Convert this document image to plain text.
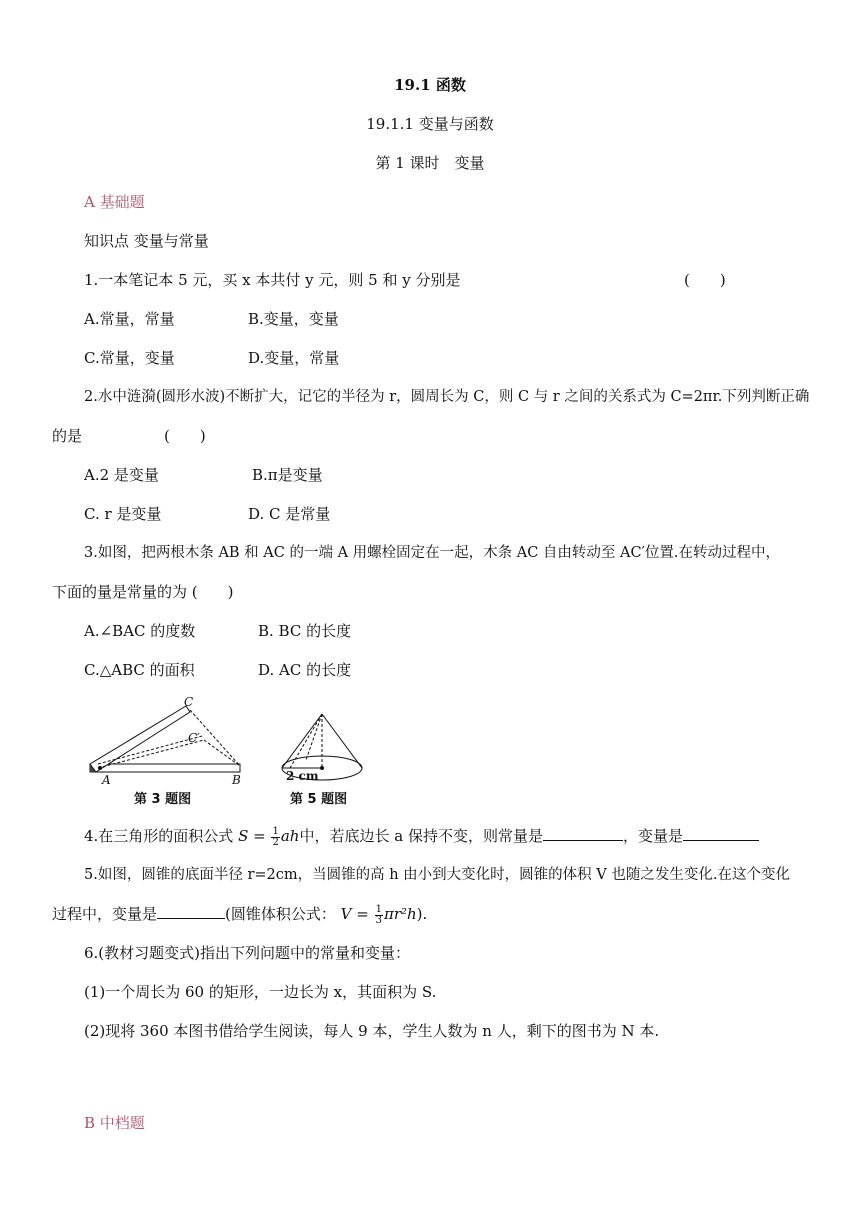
19.1 函数
19.1.1 变量与函数
第 1 课时　变量
A 基础题
知识点 变量与常量
1.一本笔记本 5 元，买 x 本共付 y 元，则 5 和 y 分别是	(　　)
A.常量，常量	B.变量，变量
C.常量，变量	D.变量，常量
2.水中涟漪(圆形水波)不断扩大，记它的半径为 r，圆周长为 C，则 C 与 r 之间的关系式为 C=2πr.下列判断正确
的是	(　　)
A.2 是变量	B.π是变量
C. r 是变量	D. C 是常量
3.如图，把两根木条 AB 和 AC 的一端 A 用螺栓固定在一起，木条 AC 自由转动至 AC′位置.在转动过程中，
下面的量是常量的为 (　　)
A.∠BAC 的度数	B. BC 的长度
C.△ABC 的面积	D. AC 的长度
C
C′
A	B
第 3 题图
2 cm
第 5 题图
4.在三角形的面积公式 $S = \frac{1}{2}$ ah中，若底边长 a 保持不变，则常量是	，变量是
5.如图，圆锥的底面半径 r=2cm，当圆锥的高 h 由小到大变化时，圆锥的体积 V 也随之发生变化.在这个变化
过程中，变量是	(圆锥体积公式： $V = \frac{1}{3} \pi r^2h$).
6.(教材习题变式)指出下列问题中的常量和变量：
(1)一个周长为 60 的矩形，一边长为 x，其面积为 S.
(2)现将 360 本图书借给学生阅读，每人 9 本，学生人数为 n 人，剩下的图书为 N 本.
B 中档题
